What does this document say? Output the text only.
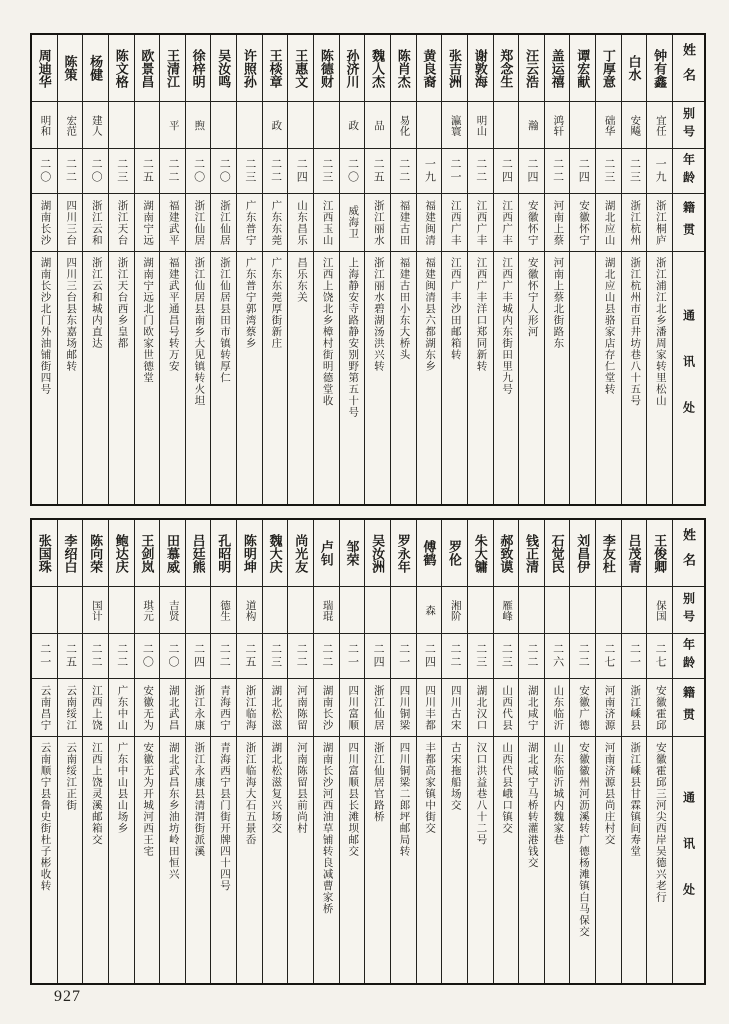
姓名
别号
年龄
籍贯
通讯处
钟有鑫
宜任
一九
浙江桐庐
浙江浦江北乡潘周家转里松山
白水
安飚
二三
浙江杭州
浙江杭州市百井坊巷八十五号
丁厚意
础华
二三
湖北应山
湖北应山县骆家店存仁堂转
谭宏献
二四
安徽怀宁
盖运禧
鸿轩
二二
河南上蔡
河南上蔡北街路东
汪云浩
瀚
二四
安徽怀宁
安徽怀宁人形河
郑念生
二四
江西广丰
江西广丰城内东街田里九号
谢敦海
明山
二二
江西广丰
江西广丰洋口郑同新转
张吉洲
瀛寰
二一
江西广丰
江西广丰沙田邮箱转
黄良裔
一九
福建闽清
福建闽清县六都湖东乡
陈肖杰
易化
二二
福建古田
福建古田小东大桥头
魏人杰
品
二五
浙江丽水
浙江丽水碧湖汤洪兴转
孙济川
政
二〇
威海卫
上海静安寺路静安别野第五十号
陈德财
二三
江西玉山
江西上饶北乡樟村街明德堂收
王惠文
二四
山东昌乐
昌乐东关
王棪章
政
二二
广东东莞
广东东莞厚街新庄
许照孙
二三
广东普宁
广东普宁郭湾蔡乡
吴汝鸣
二〇
浙江仙居
浙江仙居县田市镇转厚仁
徐梓明
煦
二〇
浙江仙居
浙江仙居县南乡大见镇转火坦
王清江
平
二二
福建武平
福建武平通昌号转万安
欧景昌
二五
湖南宁远
湖南宁远北门欧家世德堂
陈文格
二三
浙江天台
浙江天台西乡皇都
杨健
建人
二〇
浙江云和
浙江云和城内直达
陈策
宏范
二二
四川三台
四川三台县东嘉场邮转
周迪华
明和
二〇
湖南长沙
湖南长沙北门外油铺街四号
姓名
别号
年龄
籍贯
通讯处
王俊卿
保国
二七
安徽霍邱
安徽霍邱三河尖西岸吴德兴老行
吕茂青
二一
浙江嵊县
浙江嵊县甘霖镇间寿堂
李友杜
二七
河南济源
河南济源县尚庄村交
刘昌伊
二二
安徽广德
安徽徽州河沥溪转广德杨滩镇白马保交
石觉民
二六
山东临沂
山东临沂城内魏家巷
钱正清
二二
湖北咸宁
湖北咸宁马桥转灌港钱交
郝致谟
雁峰
二三
山西代县
山西代县峨口镇交
朱大镛
二三
湖北汉口
汉口洪益巷八十二号
罗伦
湘阶
二二
四川古宋
古宋拖船场交
傅鹤
森
二四
四川丰都
丰都高家镇中街交
罗永年
二一
四川铜梁
四川铜梁二郎坪邮局转
吴汝洲
二四
浙江仙居
浙江仙居官路桥
邹荣
二一
四川富顺
四川富顺县长滩坝邮交
卢钊
瑞琨
二二
湖南长沙
湖南长沙河西油草铺转良减曹家桥
尚光友
二二
河南陈留
河南陈留县前尚村
魏大庆
二三
湖北松滋
湖北松滋复兴场交
陈明坤
道构
二五
浙江临海
浙江临海大石五景岙
孔昭明
德生
二二
青海西宁
青海西宁县门街开牌四十四号
吕廷熊
二四
浙江永康
浙江永康县清渭街派溪
田慕威
吉贤
二〇
湖北武昌
湖北武昌东乡油坊岭田恒兴
王剑岚
琪元
二〇
安徽无为
安徽无为开城河西王宅
鲍达庆
二二
广东中山
广东中山县山场乡
陈向荣
国计
二二
江西上饶
江西上饶灵溪邮箱交
李绍白
二五
云南绥江
云南绥江正街
张国珠
二一
云南昌宁
云南顺宁县鲁史街杜子彬收转
927
